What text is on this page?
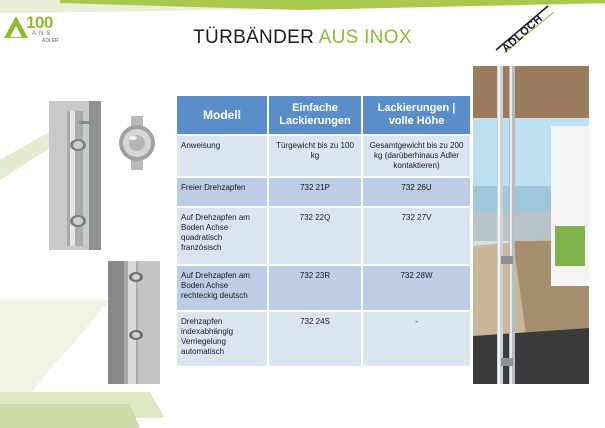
100
ANS
ADLER	TÜRBÄNDER AUS INOX	ADLOCH
Modell	Einfache Lackierungen	Lackierungen | volle Höhe
Anweisung	Türgewicht bis zu 100 kg	Gesamtgewicht bis zu 200 kg (darüberhinaus Adler kontaktieren)
Freier Drehzapfen	732 21P	732 26U
Auf Drehzapfen am Boden Achse quadratisch französisch	732 22Q	732 27V
Auf Drehzapfen am Boden Achse rechteckig deutsch	732 23R	732 28W
Drehzapfen indexabhängig Verriegelung automatisch	732 24S	-
